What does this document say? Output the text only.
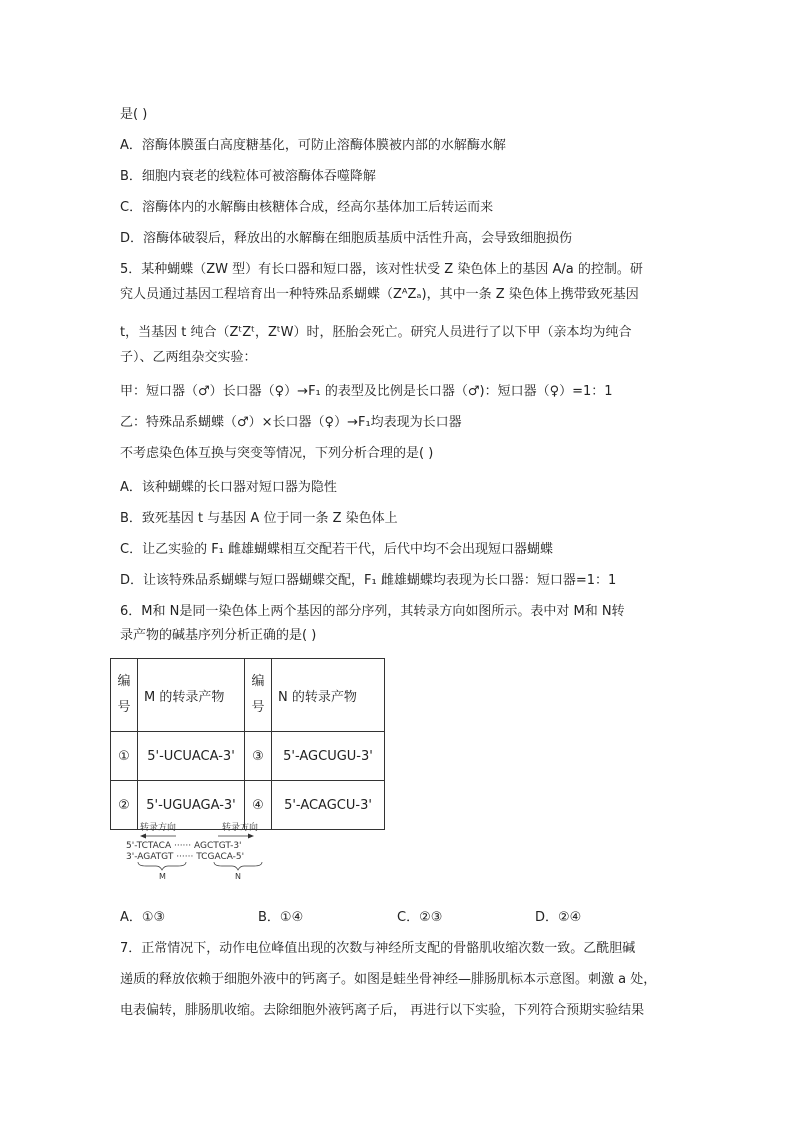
是( )
A．溶酶体膜蛋白高度糖基化，可防止溶酶体膜被内部的水解酶水解
B．细胞内衰老的线粒体可被溶酶体吞噬降解
C．溶酶体内的水解酶由核糖体合成，经高尔基体加工后转运而来
D．溶酶体破裂后，释放出的水解酶在细胞质基质中活性升高，会导致细胞损伤
5．某种蝴蝶（ZW 型）有长口器和短口器，该对性状受 Z 染色体上的基因 A/a 的控制。研
究人员通过基因工程培育出一种特殊品系蝴蝶（ZᴬZₐ)，其中一条 Z 染色体上携带致死基因
t，当基因 t 纯合（ZᵗZᵗ，ZᵗW）时，胚胎会死亡。研究人员进行了以下甲（亲本均为纯合
子）、乙两组杂交实验：
甲：短口器（♂）长口器（♀）→F₁ 的表型及比例是长口器（♂)：短口器（♀）=1：1
乙：特殊品系蝴蝶（♂）×长口器（♀）→F₁均表现为长口器
不考虑染色体互换与突变等情况，下列分析合理的是( )
A．该种蝴蝶的长口器对短口器为隐性
B．致死基因 t 与基因 A 位于同一条 Z 染色体上
C．让乙实验的 F₁ 雌雄蝴蝶相互交配若干代，后代中均不会出现短口器蝴蝶
D．让该特殊品系蝴蝶与短口器蝴蝶交配，F₁ 雌雄蝴蝶均表现为长口器：短口器=1：1
6．M和 N是同一染色体上两个基因的部分序列，其转录方向如图所示。表中对 M和 N转
录产物的碱基序列分析正确的是( )
编
号	M 的转录产物	编
号	N 的转录产物
①	5'-UCUACA-3'	③	5'-AGCUGU-3'
②	5'-UGUAGA-3'	④	5'-ACAGCU-3'
转录方向	转录方向
5'-TCTACA ······ AGCTGT-3'
3'-AGATGT ······ TCGACA-5'
M	N
A．①③	B．①④	C．②③	D．②④
7．正常情况下，动作电位峰值出现的次数与神经所支配的骨骼肌收缩次数一致。乙酰胆碱
递质的释放依赖于细胞外液中的钙离子。如图是蛙坐骨神经—腓肠肌标本示意图。刺激 a 处，
电表偏转，腓肠肌收缩。去除细胞外液钙离子后， 再进行以下实验，下列符合预期实验结果
